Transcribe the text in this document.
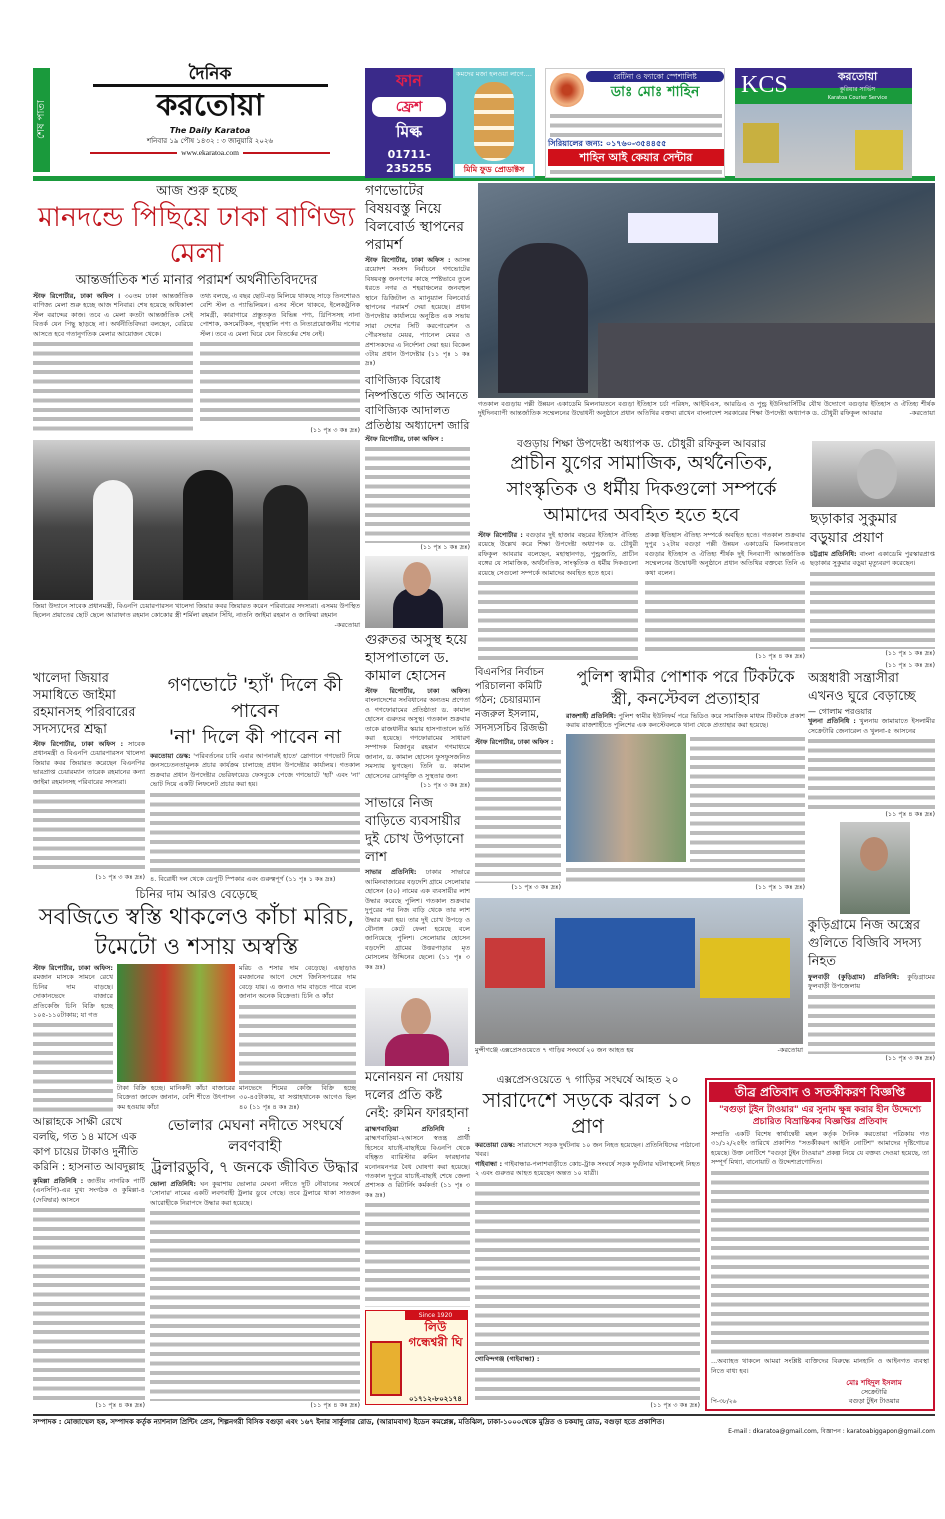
শেষ পাতা
দৈনিক
করতোয়া
The Daily Karatoa
শনিবার ১৯ পৌষ ১৪৩২ : ৩ জানুয়ারি ২০২৬
www.ekaratoa.com
ফান
ফ্রেশ
মিল্ক
01711-235255
কমদের মজা হলওয়া লাগে....
মিমি ফুড প্রোডাক্টস
রেটিনা ও ফ্যাকো স্পেশালিষ্ট
ডাঃ মোঃ শাহিন
সিরিয়ালের জন্য: ০১৭৬০-৩৫৪৪৫৫
শাহিন আই কেয়ার সেন্টার
KCS	করতোয়া
কুরিয়ার সার্ভিস
Karatoa Courier Service
আজ শুরু হচ্ছে
মানদন্ডে পিছিয়ে ঢাকা বাণিজ্য মেলা
আন্তর্জাতিক শর্ত মানার পরামর্শ অর্থনীতিবিদদের
স্টাফ রিপোর্টার, ঢাকা অফিস । ৩০তম ঢাকা আন্তর্জাতিক বাণিজ্য মেলা শুরু হচ্ছে আজ শনিবার। শেষ হয়েছে অধিকাংশ স্টল বরাদ্দের কাজ। তবে এ মেলা কতটা আন্তর্জাতিক সেই বিতর্ক যেন পিছু ছাড়ছে না। অর্থনীতিবিদরা বলছেন, বেরিয়ে আসতে হবে গতানুগতিক মেলার আয়োজন থেকে।
তথ্য বলছে, এ বছর ছোট-বড় মিলিয়ে থাকছে সাড়ে তিনশোরও বেশি স্টল ও প্যাভিলিয়ন। এসব স্টলে থাকবে, ইলেকট্রনিক সামগ্রী, কারাগারে প্রস্তুতকৃত বিভিন্ন পণ্য, থ্রিপিসসহ নানা পোশাক, কসমেটিকস, গৃহস্থালি পণ্য ও নিত্যপ্রয়োজনীয় পণ্যের স্টল। তবে এ মেলা ঘিরে যেন বিতর্কের শেষ নেই।
(১১ পৃঃ ৩ কঃ দ্রঃ)
গণভোটের বিষয়বস্তু নিয়ে বিলবোর্ড স্থাপনের পরামর্শ
স্টাফ রিপোর্টার, ঢাকা অফিস : আসন্ন ত্রয়োদশ সংসদ নির্বাচনে গণভোটের বিষয়বস্তু জনগণের কাছে স্পষ্টভাবে তুলে ধরতে নগর ও শহরাঞ্চলের জনবহুল স্থানে ডিজিটাল ও ম্যানুয়্যাল বিলবোর্ড স্থাপনের পরামর্শ দেয়া হয়েছে। প্রধান উপদেষ্টার কার্যালয়ে অনুষ্ঠিত এক সভায় সারা দেশের সিটি করপোরেশন ও পৌরসভার মেয়র, প্যানেল মেয়র ও প্রশাসকদের এ নির্দেশনা দেয়া হয়। বিকেল ৩টায় প্রধান উপদেষ্টার (১১ পৃঃ ১ কঃ দ্রঃ)
বাণিজ্যিক বিরোধ নিষ্পত্তিতে গতি আনতে বাণিজ্যিক আদালত প্রতিষ্ঠায় অধ্যাদেশ জারি
স্টাফ রিপোর্টার, ঢাকা অফিস :
(১১ পৃঃ ১ কঃ দ্রঃ)
গতকাল বগুড়ায় পল্লী উন্নয়ন একাডেমি মিলনায়তনে বগুড়া ইতিহাস চর্চা পরিষদ, আইবিএস, আরডিএ ও পুন্ড্র ইউনিভার্সিটির যৌথ উদ্যোগে বগুড়ার ইতিহাস ও ঐতিহ্য শীর্ষক দুইদিনব্যাপী আন্তর্জাতিক সম্মেলনের উদ্বোধনী অনুষ্ঠানে প্রধান অতিথির বক্তব্য রাখেন বাংলাদেশ সরকারের শিক্ষা উপদেষ্টা অধ্যাপক ড. চৌধুরী রফিকুল আবরার	-করতোয়া
বগুড়ায় শিক্ষা উপদেষ্টা অধ্যাপক ড. চৌধুরী রফিকুল আবরার
প্রাচীন যুগের সামাজিক, অর্থনৈতিক, সাংস্কৃতিক ও ধর্মীয় দিকগুলো সম্পর্কে আমাদের অবহিত হতে হবে
স্টাফ রিপোর্টার : বগুড়ার দুই হাজার বছরের ইতিহাস ঐতিহ্য রয়েছে উল্লেখ করে শিক্ষা উপদেষ্টা অধ্যাপক ড. চৌধুরী রফিকুল আবরার বলেছেন, মহাস্থানগড়, পুন্ড্রজাতি, প্রাচীন বঙ্গের যে সামাজিক, অর্থনৈতিক, সাংস্কৃতিক ও ধর্মীয় দিকগুলো রয়েছে সেগুলো সম্পর্কে আমাদের অবহিত হতে হবে।
প্রকল্প ইতিহাস ঐতিহ্য সম্পর্কে অবহিত হতে। গতকাল শুক্রবার দুপুর ১২টায় বগুড়া পল্লী উন্নয়ন একাডেমি মিলনায়তনে বগুড়ার ইতিহাস ও ঐতিহ্য শীর্ষক দুই দিনব্যাপী আন্তর্জাতিক সম্মেলনের উদ্বোধনী অনুষ্ঠানে প্রধান অতিথির বক্তব্যে তিনি এ কথা বলেন।
(১১ পৃঃ ৪ কঃ দ্রঃ)
ছড়াকার সুকুমার বড়ুয়ার প্রয়াণ
চট্টগ্রাম প্রতিনিধি: বাংলা একাডেমি পুরস্কারপ্রাপ্ত ছড়াকার সুকুমার বড়ুয়া মৃত্যুবরণ করেছেন।
(১১ পৃঃ ১ কঃ দ্রঃ)
জিয়া উদ্যানে সাবেক প্রধানমন্ত্রী, বিএনপি চেয়ারপারসন খালেদা জিয়ার কবর জিয়ারত করেন পরিবারের সদস্যরা। এসময় উপস্থিত ছিলেন প্রয়াতের ছোট ছেলে আরাফাত রহমান কোকোর স্ত্রী শর্মিলা রহমান সিঁথি, নাতনি জাইমা রহমান ও জাফিয়া রহমান
-করতোয়া
গুরুতর অসুস্থ হয়ে হাসপাতালে ড. কামাল হোসেন
স্টাফ রিপোর্টার, ঢাকা অফিস। বাংলাদেশের সংবিধানের অন্যতম প্রণেতা ও গণফোরামের প্রতিষ্ঠাতা ড. কামাল হোসেন গুরুতর অসুস্থ। গতকাল শুক্রবার তাকে রাজধানীর স্কয়ার হাসপাতালে ভর্তি করা হয়েছে। গণফোরামের সাধারণ সম্পাদক মিজানুর রহমান গণমাধ্যমে জানান, ড. কামাল হোসেন ফুসফুসজনিত সমস্যায় ভুগছেন। তিনি ড. কামাল হোসেনের রোগমুক্তি ও সুস্থতার জন্য
(১১ পৃঃ ৩ কঃ দ্রঃ)
সাভারে নিজ বাড়িতে ব্যবসায়ীর দুই চোখ উপড়ানো লাশ
সাভার প্রতিনিধি: ঢাকার সাভারে আমিনবাজারের বড়দেশি গ্রামে সেলোয়ার হোসেন (৫০) নামের এক ব্যবসায়ীর লাশ উদ্ধার করেছে পুলিশ। গতকাল শুক্রবার দুপুরের পর নিজ বাড়ি থেকে তার লাশ উদ্ধার করা হয়। তার দুই চোখ উপড়ে ও যৌনাঙ্গ কেটে ফেলা হয়েছে বলে জানিয়েছে পুলিশ। সেলোয়ার হোসেন বড়দেশি গ্রামের উত্তরপাড়ার মৃত মোসলেম উদ্দিনের ছেলে। (১১ পৃঃ ৩ কঃ দ্রঃ)
খালেদা জিয়ার সমাধিতে জাইমা রহমানসহ পরিবারের সদস্যদের শ্রদ্ধা
স্টাফ রিপোর্টার, ঢাকা অফিস : সাবেক প্রধানমন্ত্রী ও বিএনপি চেয়ারপারসন খালেদা জিয়ার কবর জিয়ারত করেছেন বিএনপির ভারপ্রাপ্ত চেয়ারম্যান তারেক রহমানের কন্যা জাইমা রহমানসহ পরিবারের সদস্যরা।
(১১ পৃঃ ৩ কঃ দ্রঃ)
গণভোটে 'হ্যাঁ' দিলে কী পাবেন
'না' দিলে কী পাবেন না
করতোয়া ডেস্ক: 'পরিবর্তনের চাবি এবার আপনারই হাতে' স্লোগানে গণভোট নিয়ে জনসচেতনতামূলক প্রচার কার্যক্রম চালাচ্ছে প্রধান উপদেষ্টার কার্যালয়। গতকাল শুক্রবার প্রধান উপদেষ্টার ভেরিফায়েড ফেসবুকে পেজে গণভোটে 'হ্যাঁ' এবং 'না' ভোট দিয়ে একটি লিফলেট প্রচার করা হয়।
৪. বিরোধী দল থেকে ডেপুটি স্পিকার এবং গুরুত্বপূর্ণ (১১ পৃঃ ১ কঃ দ্রঃ)
বিএনপির নির্বাচন পরিচালনা কমিটি গঠন; চেয়ারম্যান নজরুল ইসলাম, সদস্যসচিব রিজভী
স্টাফ রিপোর্টার, ঢাকা অফিস :
(১১ পৃঃ ৩ কঃ দ্রঃ)
পুলিশ স্বামীর পোশাক পরে টিকটকে
স্ত্রী, কনস্টেবল প্রত্যাহার
রাজশাহী প্রতিনিধি: পুলিশ স্বামীর ইউনিফর্ম পরে ভিডিও করে সামাজিক মাধ্যম টিকটকে প্রকাশ করায় রাজশাহীতে পুলিশের এক কনস্টেবলকে থানা থেকে প্রত্যাহার করা হয়েছে।
(১১ পৃঃ ১ কঃ দ্রঃ)
(১১ পৃঃ ১ কঃ দ্রঃ)
অস্ত্রধারী সন্ত্রাসীরা এখনও ঘুরে বেড়াচ্ছে
— গোলাম পরওয়ার
খুলনা প্রতিনিধি : খুলনায় জামায়াতে ইসলামীর সেক্রেটারি জেনারেল ও খুলনা-৫ আসনের
(১১ পৃঃ ৪ কঃ দ্রঃ)
কুড়িগ্রামে নিজ অস্ত্রের গুলিতে বিজিবি সদস্য নিহত
ফুলবাড়ী (কুড়িগ্রাম) প্রতিনিধি: কুড়িগ্রামের ফুলবাড়ী উপজেলায়
(১১ পৃঃ ৩ কঃ দ্রঃ)
চিনির দাম আরও বেড়েছে
সবজিতে স্বস্তি থাকলেও কাঁচা মরিচ, টমেটো ও শসায় অস্বস্তি
স্টাফ রিপোর্টার, ঢাকা অফিস: রমজান মাসকে সামনে রেখে চিনির দাম বাড়ছে। দোকানভেদে বাজারে প্রতিকেজি চিনি বিক্রি হচ্ছে ১০৫-১১০টাকায়; যা গত
টাকা বিক্রি হচ্ছে। মানিকদী কাঁচা বাজারের বিক্রেতা জাবেদ জানান, বেশি শীতে উৎপাদন কম হওয়ায় কাঁচা
মরিচ ও শসার দাম বেড়েছে। এছাড়াও রমজানের আগে দেশে জিনিসপত্রের দাম বেড়ে যায়। এ জন্যও দাম বাড়তে পারে বলে জানান অনেক বিক্রেতা। চিনি ও কাঁচা
মানভেদে শিমের কেজি বিক্রি হচ্ছে ৩০-৪৫টাকায়, যা সপ্তাহখানেক আগেও ছিল ৪০ (১১ পৃঃ ৪ কঃ দ্রঃ)
মুন্সীগঞ্জে এক্সপ্রেসওয়েতে ৭ গাড়ির সংঘর্ষে ২০ জন আহত হয়	-করতোয়া
মনোনয়ন না দেয়ায় দলের প্রতি কষ্ট নেই: রুমিন ফারহানা
ব্রাহ্মণবাড়িয়া প্রতিনিধি : ব্রাহ্মণবাড়িয়া-২আসনে স্বতন্ত্র প্রার্থী হিসেবে যাচাই-বাছাইয়ে বিএনপি থেকে বহিষ্কৃত ব্যারিস্টার রুমিন ফারহানার মনোনয়নপত্র বৈধ ঘোষণা করা হয়েছে। গতকাল দুপুরে যাচাই-বাছাই শেষে জেলা প্রশাসক ও রিটার্নিং কর্মকর্তা (১১ পৃঃ ৩ কঃ দ্রঃ)
Since 1920
লিউ গন্ধেশ্বরী ঘি
০১৭১২-৮০২১৭৪
এক্সপ্রেসওয়েতে ৭ গাড়ির সংঘর্ষে আহত ২০
সারাদেশে সড়কে ঝরল ১০ প্রাণ
করতোয়া ডেস্ক: সারাদেশে সড়ক দুর্ঘটনায় ১০ জন নিহত হয়েছেন। প্রতিনিধিদের পাঠানো খবর।
গাইবান্ধা : গাইবান্ধার-পলাশবাড়ীতে কোচ-ট্রাক সংঘর্ষে সড়ক দুর্ঘটনার ঘটনাস্থলেই নিহত ২ এবং গুরুতর আহত হয়েছেন অন্তত ১০ যাত্রী।
গোবিন্দগঞ্জ (গাইবান্ধা) :
(১১ পৃঃ ৩ কঃ দ্রঃ)
তীব্র প্রতিবাদ ও সতর্কীকরণ বিজ্ঞপ্তি
"বগুড়া টুইন টাওয়ার" এর সুনাম ক্ষুন্ন করার হীন উদ্দেশ্যে প্রচারিত বিভ্রান্তিকর বিজ্ঞপ্তির প্রতিবাদ
সম্প্রতি একটি বিশেষ স্বার্থান্বেষী মহল কর্তৃক দৈনিক করতোয়া পত্রিকায় গত ৩১/১২/২৫ইং তারিখে প্রকাশিত "সতর্কীকরণ আইনি নোটিশ" আমাদের দৃষ্টিগোচর হয়েছে। উক্ত নোটিশে "বগুড়া টুইন টাওয়ার" প্রকল্প নিয়ে যে বক্তব্য দেওয়া হয়েছে, তা সম্পূর্ণ মিথ্যা, বানোয়াট ও উদ্দেশ্যপ্রণোদিত।
...অব্যাহত থাকলে আমরা সংশ্লিষ্ট ব্যক্তিদের বিরুদ্ধে মানহানি ও আইনগত ব্যবস্থা নিতে বাধ্য হব।
পি-৩৮/২৬
মোঃ শহিদুল ইসলাম
সেক্রেটারি
বগুড়া টুইন টাওয়ার
আল্লাহকে সাক্ষী রেখে বলছি, গত ১৪ মাসে এক কাপ চায়ের টাকাও দুর্নীতি করিনি : হাসনাত আবদুল্লাহ
কুমিল্লা প্রতিনিধি : জাতীয় নাগরিক পার্টি (এনসিপি)-এর মুখ্য সংগঠক ও কুমিল্লা-৪ (দেবিদ্বার) আসনে
(১১ পৃঃ ৪ কঃ দ্রঃ)
ভোলার মেঘনা নদীতে সংঘর্ষে লবণবাহী
ট্রলারডুবি, ৭ জনকে জীবিত উদ্ধার
ভোলা প্রতিনিধি: ঘন কুয়াশায় ভোলার মেঘনা নদীতে দুটি নৌযানের সংঘর্ষে 'সোনার' নামের একটি লবণবাহী ট্রলার ডুবে গেছে। তবে ট্রলারে থাকা সাতজন আরোহীকে নিরাপদে উদ্ধার করা হয়েছে।
(১১ পৃঃ ৪ কঃ দ্রঃ)
সম্পাদক : মোজাম্মেল হক, সম্পাদক কর্তৃক ন্যাশনাল প্রিন্টিং প্রেস, শিল্পনগরী বিসিক বগুড়া এবং ১৬৭ ইনার সার্কুলার রোড, (আরামবাগ) ইডেন কমপ্লেক্স, মতিঝিল, ঢাকা-১০০০থেকে মুদ্রিত ও চকযাদু রোড, বগুড়া হতে প্রকাশিত।
E-mail : dkaratoa@gmail.com, বিজ্ঞাপন : karatoabiggapon@gmail.com
